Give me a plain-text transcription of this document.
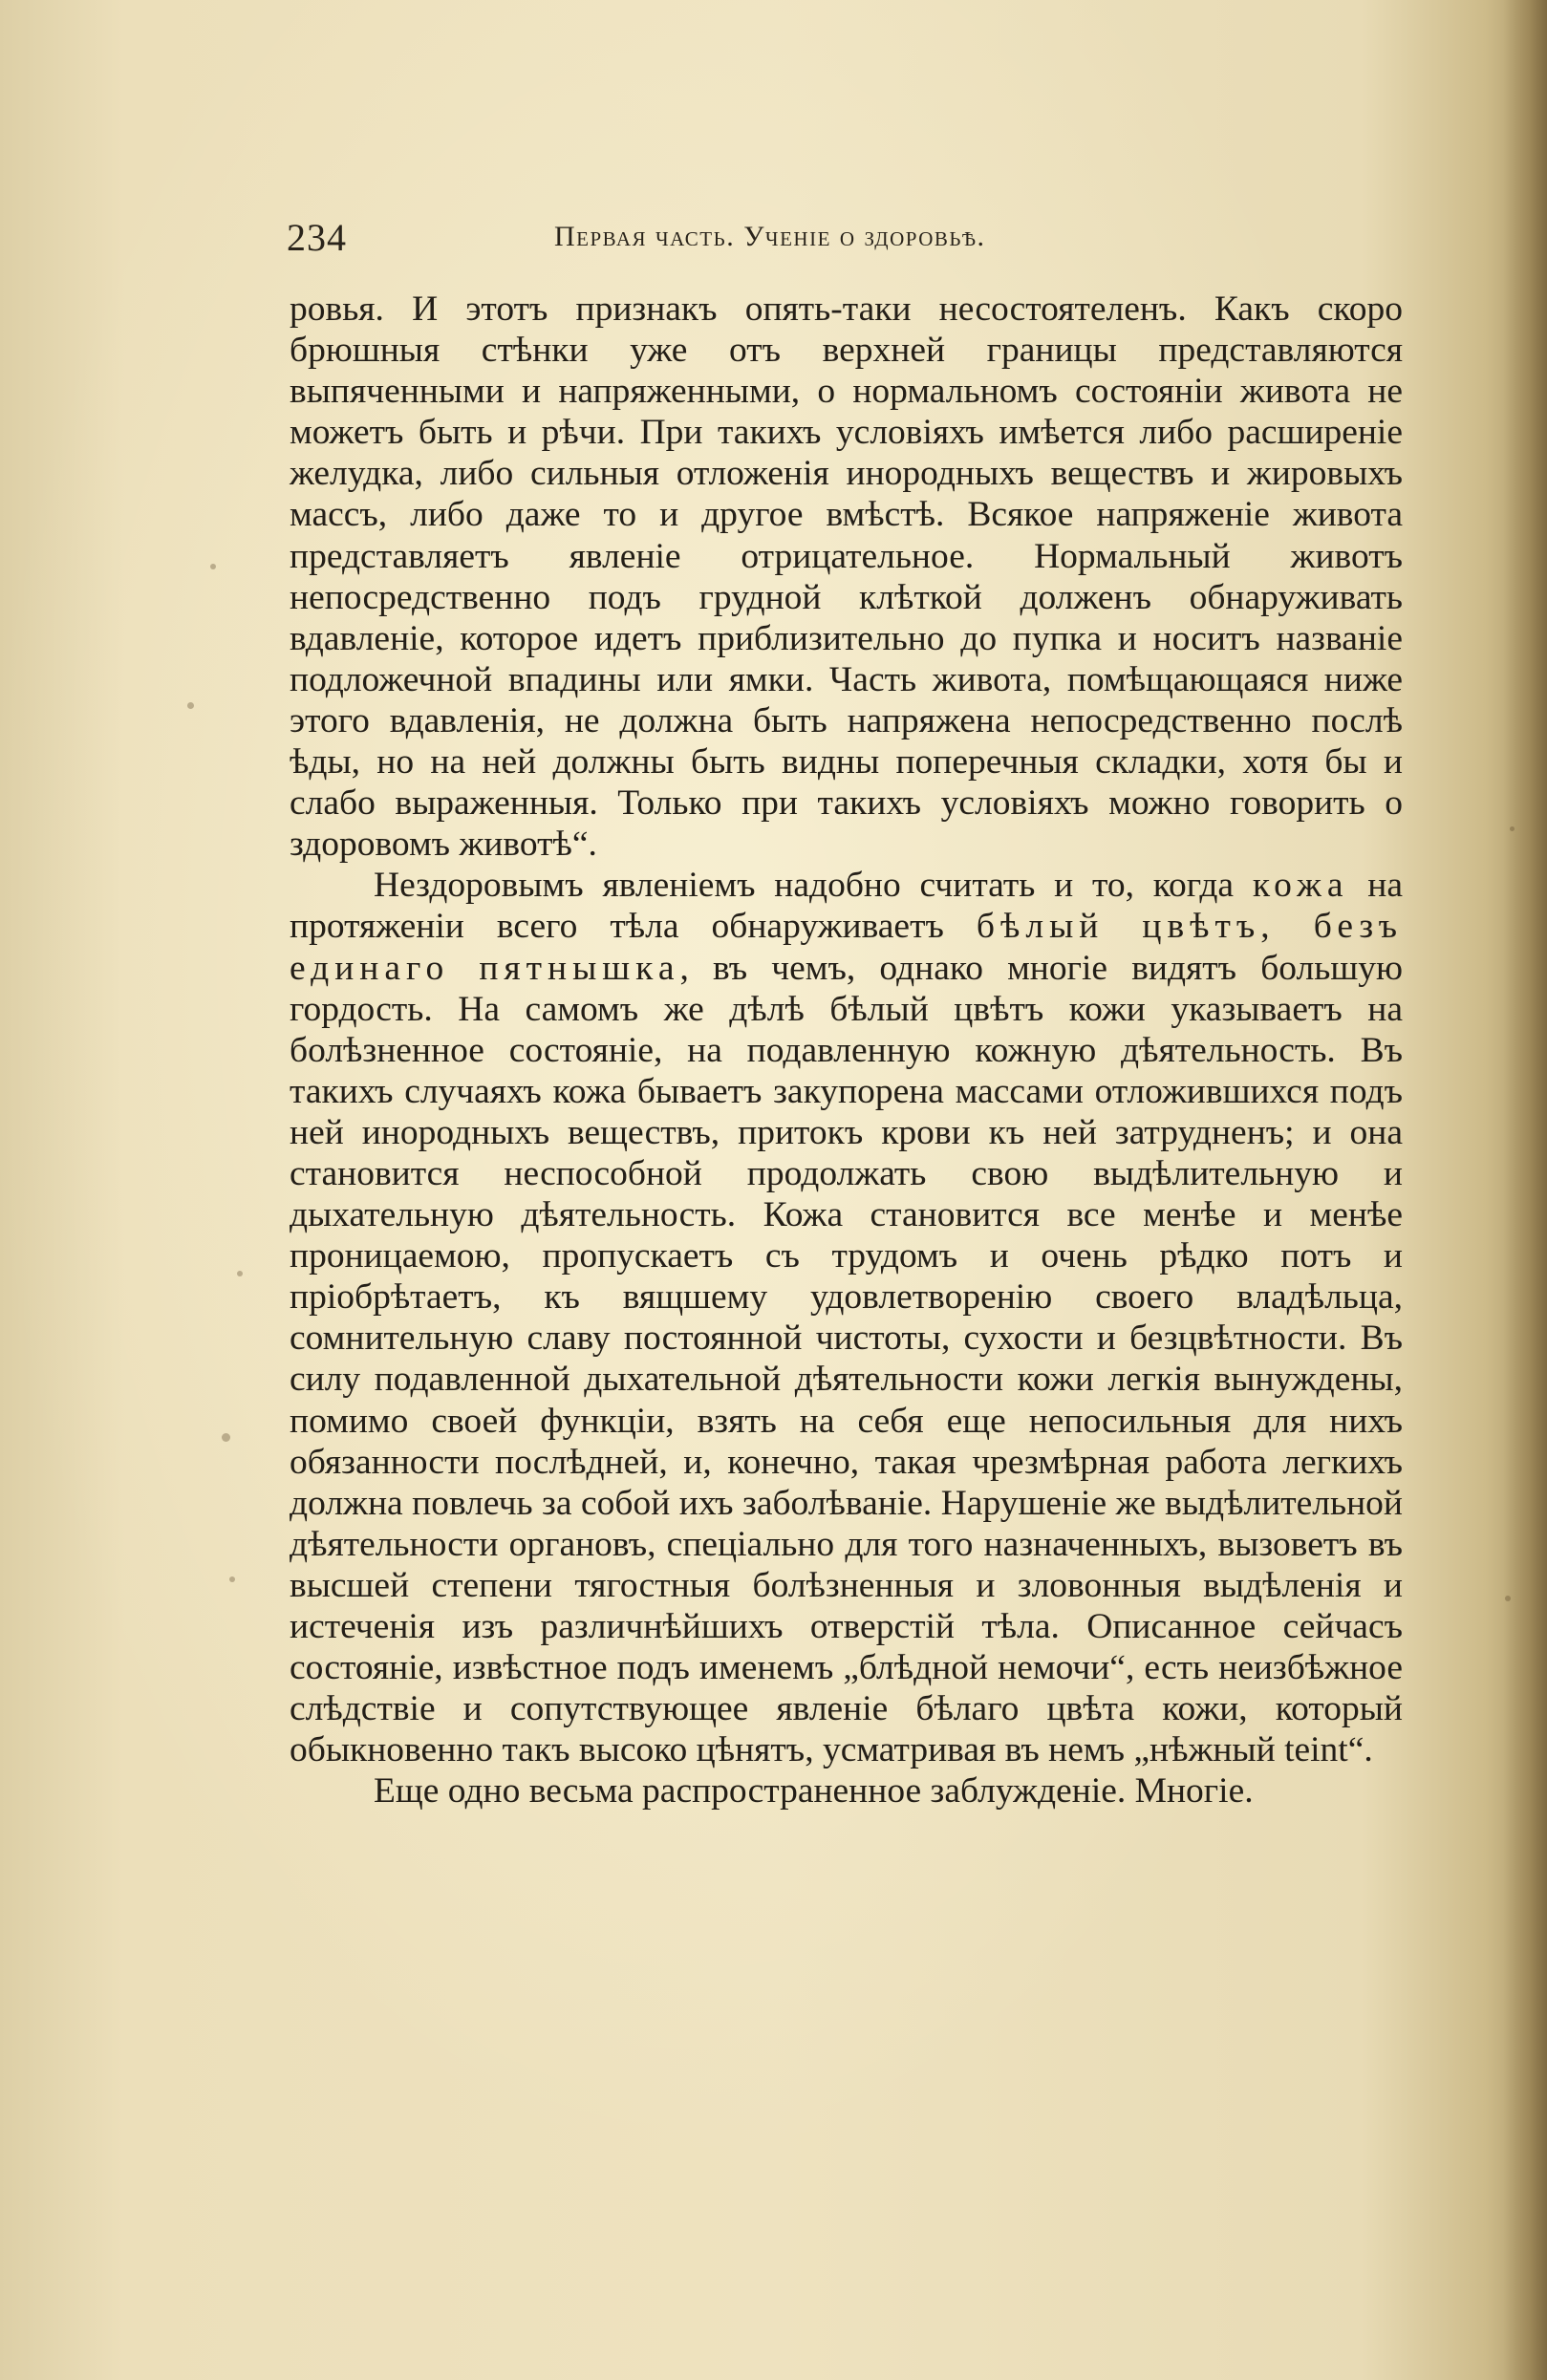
234	Первая часть. Ученіе о здоровьѣ.

ровья. И этотъ признакъ опять-таки несостоятеленъ. Какъ скоро брюшныя стѣнки уже отъ верхней границы представляются выпяченными и напряженными, о нормальномъ состояніи живота не можетъ быть и рѣчи. При такихъ условіяхъ имѣется либо расширеніе желудка, либо сильныя отложенія инородныхъ веществъ и жировыхъ массъ, либо даже то и другое вмѣстѣ. Всякое напряженіе живота представляетъ явленіе отрицательное. Нормальный животъ непосредственно подъ грудной клѣткой долженъ обнаруживать вдавленіе, которое идетъ приблизительно до пупка и носитъ названіе подложечной впадины или ямки. Часть живота, помѣщающаяся ниже этого вдавленія, не должна быть напряжена непосредственно послѣ ѣды, но на ней должны быть видны поперечныя складки, хотя бы и слабо выраженныя. Только при такихъ условіяхъ можно говорить о здоровомъ животѣ“.

Нездоровымъ явленіемъ надобно считать и то, когда кожа на протяженіи всего тѣла обнаруживаетъ бѣлый цвѣтъ, безъ единаго пятнышка, въ чемъ, однако многіе видятъ большую гордость. На самомъ же дѣлѣ бѣлый цвѣтъ кожи указываетъ на болѣзненное состояніе, на подавленную кожную дѣятельность. Въ такихъ случаяхъ кожа бываетъ закупорена массами отложившихся подъ ней инородныхъ веществъ, притокъ крови къ ней затрудненъ; и она становится неспособной продолжать свою выдѣлительную и дыхательную дѣятельность. Кожа становится все менѣе и менѣе проницаемою, пропускаетъ съ трудомъ и очень рѣдко потъ и пріобрѣтаетъ, къ вящшему удовлетворенію своего владѣльца, сомнительную славу постоянной чистоты, сухости и безцвѣтности. Въ силу подавленной дыхательной дѣятельности кожи легкія вынуждены, помимо своей функціи, взять на себя еще непосильныя для нихъ обязанности послѣдней, и, конечно, такая чрезмѣрная работа легкихъ должна повлечь за собой ихъ заболѣваніе. Нарушеніе же выдѣлительной дѣятельности органовъ, спеціально для того назначенныхъ, вызоветъ въ высшей степени тягостныя болѣзненныя и зловонныя выдѣленія и истеченія изъ различнѣйшихъ отверстій тѣла. Описанное сейчасъ состояніе, извѣстное подъ именемъ „блѣдной немочи“, есть неизбѣжное слѣдствіе и сопутствующее явленіе бѣлаго цвѣта кожи, который обыкновенно такъ высоко цѣнятъ, усматривая въ немъ „нѣжный teint“.

Еще одно весьма распространенное заблужденіе. Многіе.
